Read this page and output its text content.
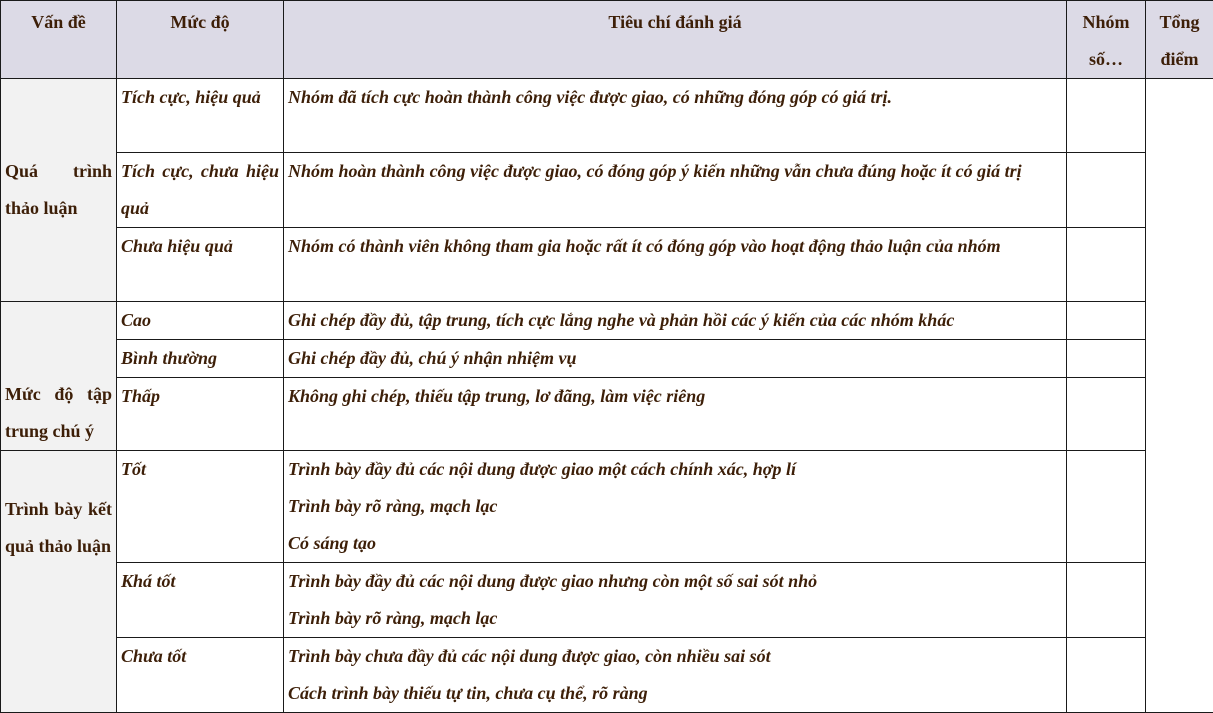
Vấn đề	Mức độ	Tiêu chí đánh giá	Nhóm số…	Tổng điểm
Quá trình thảo luận	Tích cực, hiệu quả	Nhóm đã tích cực hoàn thành công việc được giao, có những đóng góp có giá trị.		

	Tích cực, chưa hiệu quả	Nhóm hoàn thành công việc được giao, có đóng góp ý kiến những vẫn chưa đúng hoặc ít có giá trị		

	Chưa hiệu quả	Nhóm có thành viên không tham gia hoặc rất ít có đóng góp vào hoạt động thảo luận của nhóm		

Mức độ tập trung chú ý	Cao	Ghi chép đầy đủ, tập trung, tích cực lắng nghe và phản hồi các ý kiến của các nhóm khác		

	Bình thường	Ghi chép đầy đủ, chú ý nhận nhiệm vụ		

	Thấp	Không ghi chép, thiếu tập trung, lơ đãng, làm việc riêng		

Trình bày kết quả thảo luận	Tốt	Trình bày đầy đủ các nội dung được giao một cách chính xác, hợp lí
Trình bày rõ ràng, mạch lạc
Có sáng tạo		

	Khá tốt	Trình bày đầy đủ các nội dung được giao nhưng còn một số sai sót nhỏ
Trình bày rõ ràng, mạch lạc		

	Chưa tốt	Trình bày chưa đầy đủ các nội dung được giao, còn nhiều sai sót
Cách trình bày thiếu tự tin, chưa cụ thể, rõ ràng		
